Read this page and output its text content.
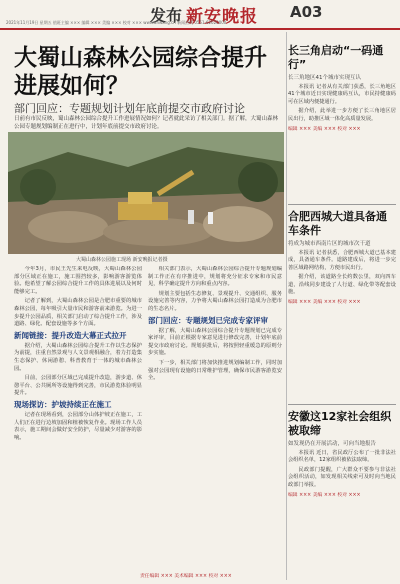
发布 新安晚报 A03
2021年11月19日 星期五 值班主编 ××× 编辑 ××× 美编 ××× 校对 ××× www.ahwang.cn 新闻热线 0551-62620000
大蜀山森林公园综合提升进展如何？
部门回应：专题规划计划年底前提交市政府讨论
日前有市民反映，蜀山森林公园综合提升工作进展情况如何？记者就此采访了相关部门。据了解，大蜀山森林公园专题规划编制正在进行中，计划年底前提交市政府讨论。
大蜀山森林公园施工现场 新安晚报记者摄

今年3月，市民王先生来电反映，大蜀山森林公园部分区域正在施工，施工围挡较多，影响游客游览体验。他希望了解公园综合提升工作的具体进展以及何时能够完工。

记者了解到，大蜀山森林公园是合肥市重要的城市森林公园，每年吸引大量市民和游客前来游览。为进一步提升公园品质，相关部门启动了综合提升工作，涉及道路、绿化、配套设施等多个方面。

新闻链接：提升改造大幕正式拉开

据介绍，大蜀山森林公园综合提升工作以生态保护为前提，注重自然景观与人文景观相融合，着力打造集生态保护、休闲游憩、科普教育于一体的城市森林公园。

目前，公园部分区域已完成提升改造，游步道、休憩平台、公共厕所等设施得到完善，市民游览体验明显提升。

现场探访：护坡持续正在施工

记者在现场看到，公园部分山体护坡正在施工，工人们正在进行边坡加固和植被恢复作业。现场工作人员表示，施工期间会做好安全防护，尽量减少对游客的影响。

相关部门表示，大蜀山森林公园综合提升专题规划编制工作正在有序推进中，规划将充分征求专家和市民意见，科学确定提升方向和重点内容。

规划主要包括生态修复、景观提升、交通组织、服务设施完善等内容，力争将大蜀山森林公园打造成为合肥市的生态名片。

部门回应：专题规划已完成专家评审

据了解，大蜀山森林公园综合提升专题规划已完成专家评审，目前正根据专家意见进行修改完善，计划年底前提交市政府讨论。规划获批后，将按照轻重缓急的原则分步实施。

下一步，相关部门将加快推进规划编制工作，同时加强对公园现有设施的日常维护管理，确保市民游客游览安全。

长三角启动“一码通行”
长三角地区41个城市实现互认

本报讯 记者从有关部门获悉，长三角地区41个城市近日实现健康码互认，市民持健康码可在区域内便捷通行。

据介绍，此举进一步方便了长三角地区居民出行，助推区域一体化高质量发展。

编辑 ××× 美编 ××× 校对 ×××
合肥西城大道具备通车条件
将成为城市西南片区的城市次干道

本报讯 记者获悉，合肥西城大道已基本建成，具备通车条件。道路建成后，将进一步完善区域路网结构，方便市民出行。

据介绍，该道路全长约数公里，双向四车道，沿线同步建设了人行道、绿化带等配套设施。

编辑 ××× 美编 ××× 校对 ×××
安徽这12家社会组织被取缔
如发现仍在开展活动，可向当地报告

本报讯 近日，省民政厅公布了一批非法社会组织名单，12家组织被依法取缔。

民政部门提醒，广大群众不要参与非法社会组织活动，如发现相关线索可及时向当地民政部门举报。

编辑 ××× 美编 ××× 校对 ×××
责任编辑 ××× 美术编辑 ××× 校对 ×××
